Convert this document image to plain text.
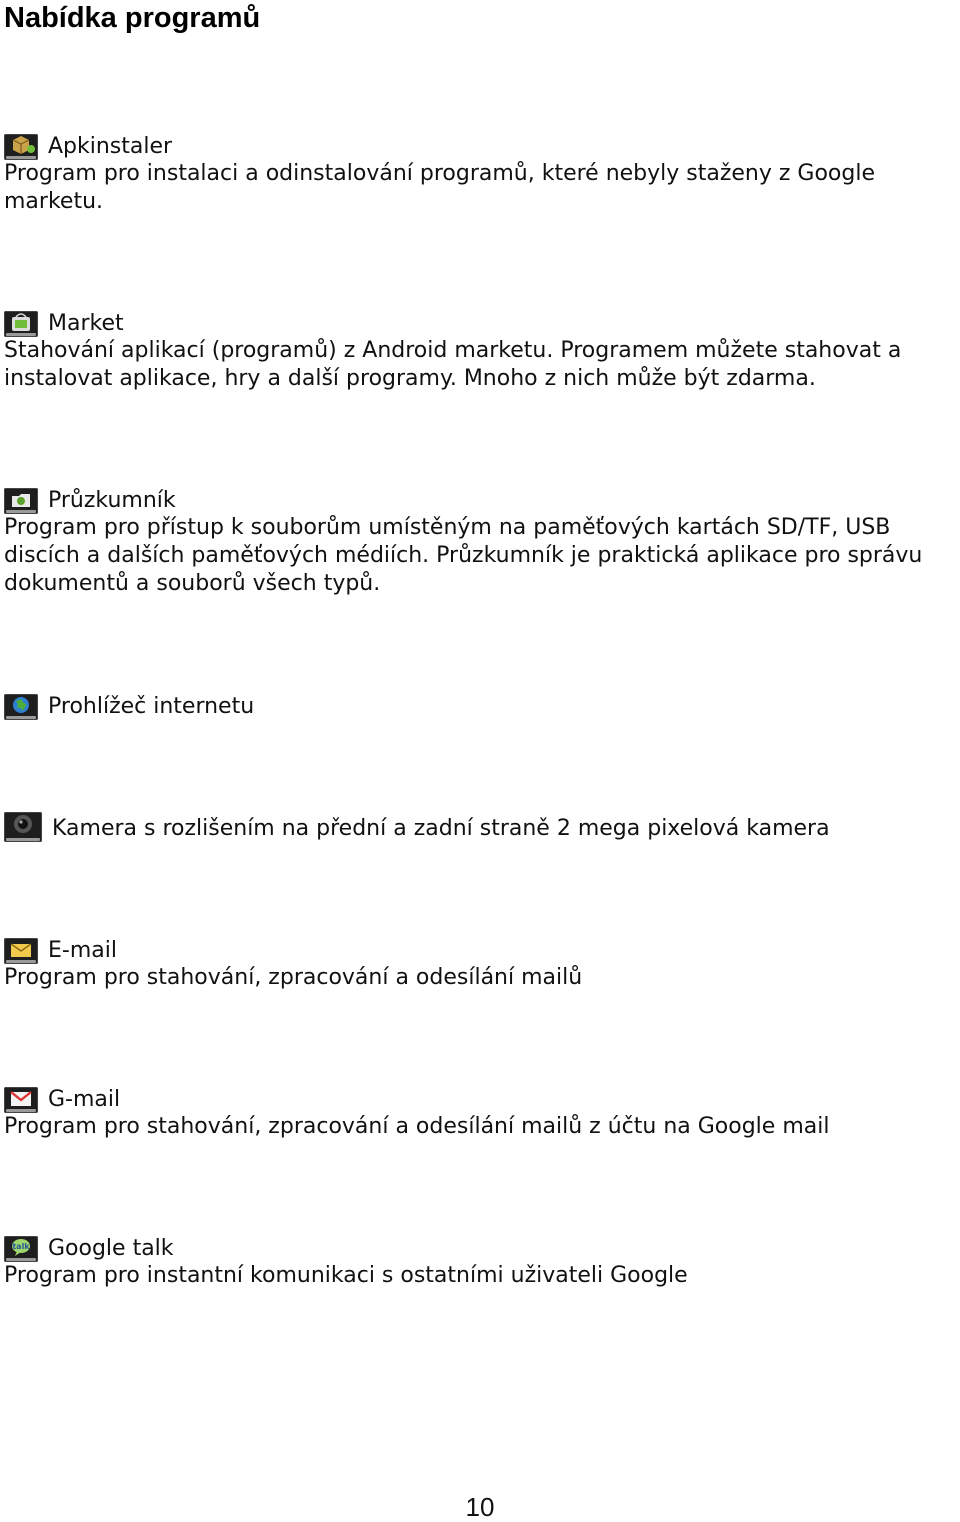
Nabídka programů
Apkinstaler

Program pro instalaci a odinstalování programů, které nebyly staženy z Google marketu.

Market

Stahování aplikací (programů) z Android marketu. Programem můžete stahovat a instalovat aplikace, hry a další programy. Mnoho z nich může být zdarma.

Průzkumník

Program pro přístup k souborům umístěným na paměťových kartách SD/TF, USB discích a dalších paměťových médiích. Průzkumník je praktická aplikace pro správu dokumentů a souborů všech typů.

Prohlížeč internetu
Kamera s rozlišením na přední a zadní straně 2 mega pixelová kamera
E-mail

Program pro stahování, zpracování a odesílání mailů

G-mail

Program pro stahování, zpracování a odesílání mailů z účtu na Google mail

talk Google talk

Program pro instantní komunikaci s ostatními uživateli Google

10
